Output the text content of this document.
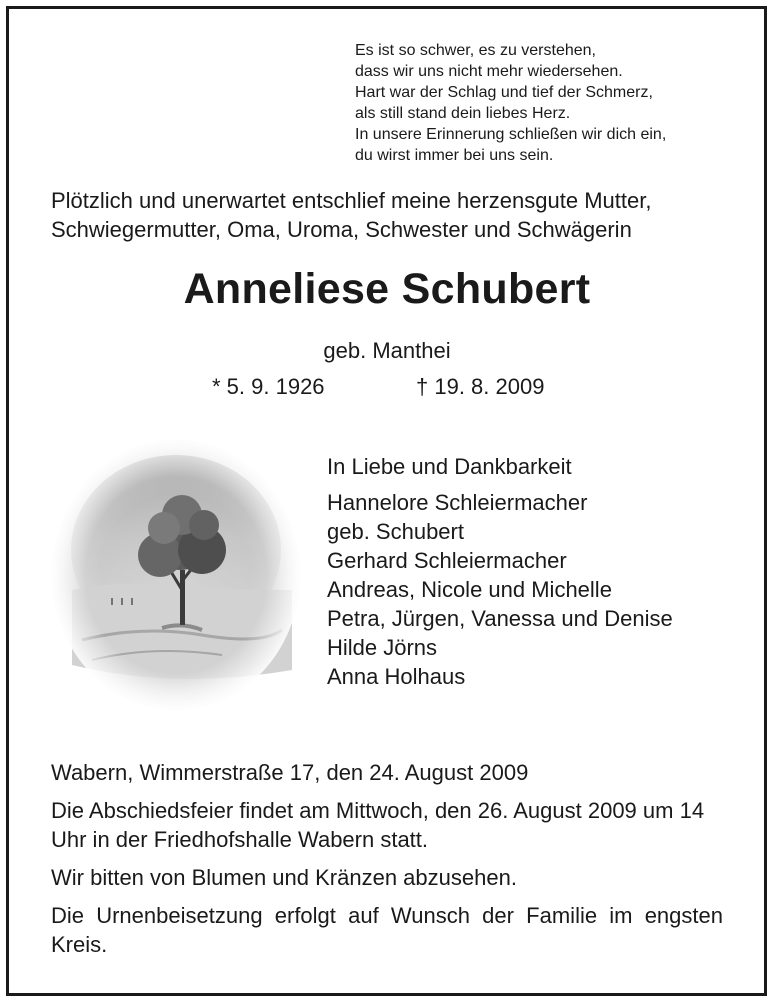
Es ist so schwer, es zu verstehen,
dass wir uns nicht mehr wiedersehen.
Hart war der Schlag und tief der Schmerz,
als still stand dein liebes Herz.
In unsere Erinnerung schließen wir dich ein,
du wirst immer bei uns sein.
Plötzlich und unerwartet entschlief meine herzensgute Mutter,
Schwiegermutter, Oma, Uroma, Schwester und Schwägerin
Anneliese Schubert
geb. Manthei
* 5. 9. 1926	† 19. 8. 2009
In Liebe und Dankbarkeit
Hannelore Schleiermacher
geb. Schubert
Gerhard Schleiermacher
Andreas, Nicole und Michelle
Petra, Jürgen, Vanessa und Denise
Hilde Jörns
Anna Holhaus

Wabern, Wimmerstraße 17, den 24. August 2009

Die Abschiedsfeier findet am Mittwoch, den 26. August 2009 um 14 Uhr in der Friedhofshalle Wabern statt.

Wir bitten von Blumen und Kränzen abzusehen.

Die Urnenbeisetzung erfolgt auf Wunsch der Familie im engsten Kreis.
